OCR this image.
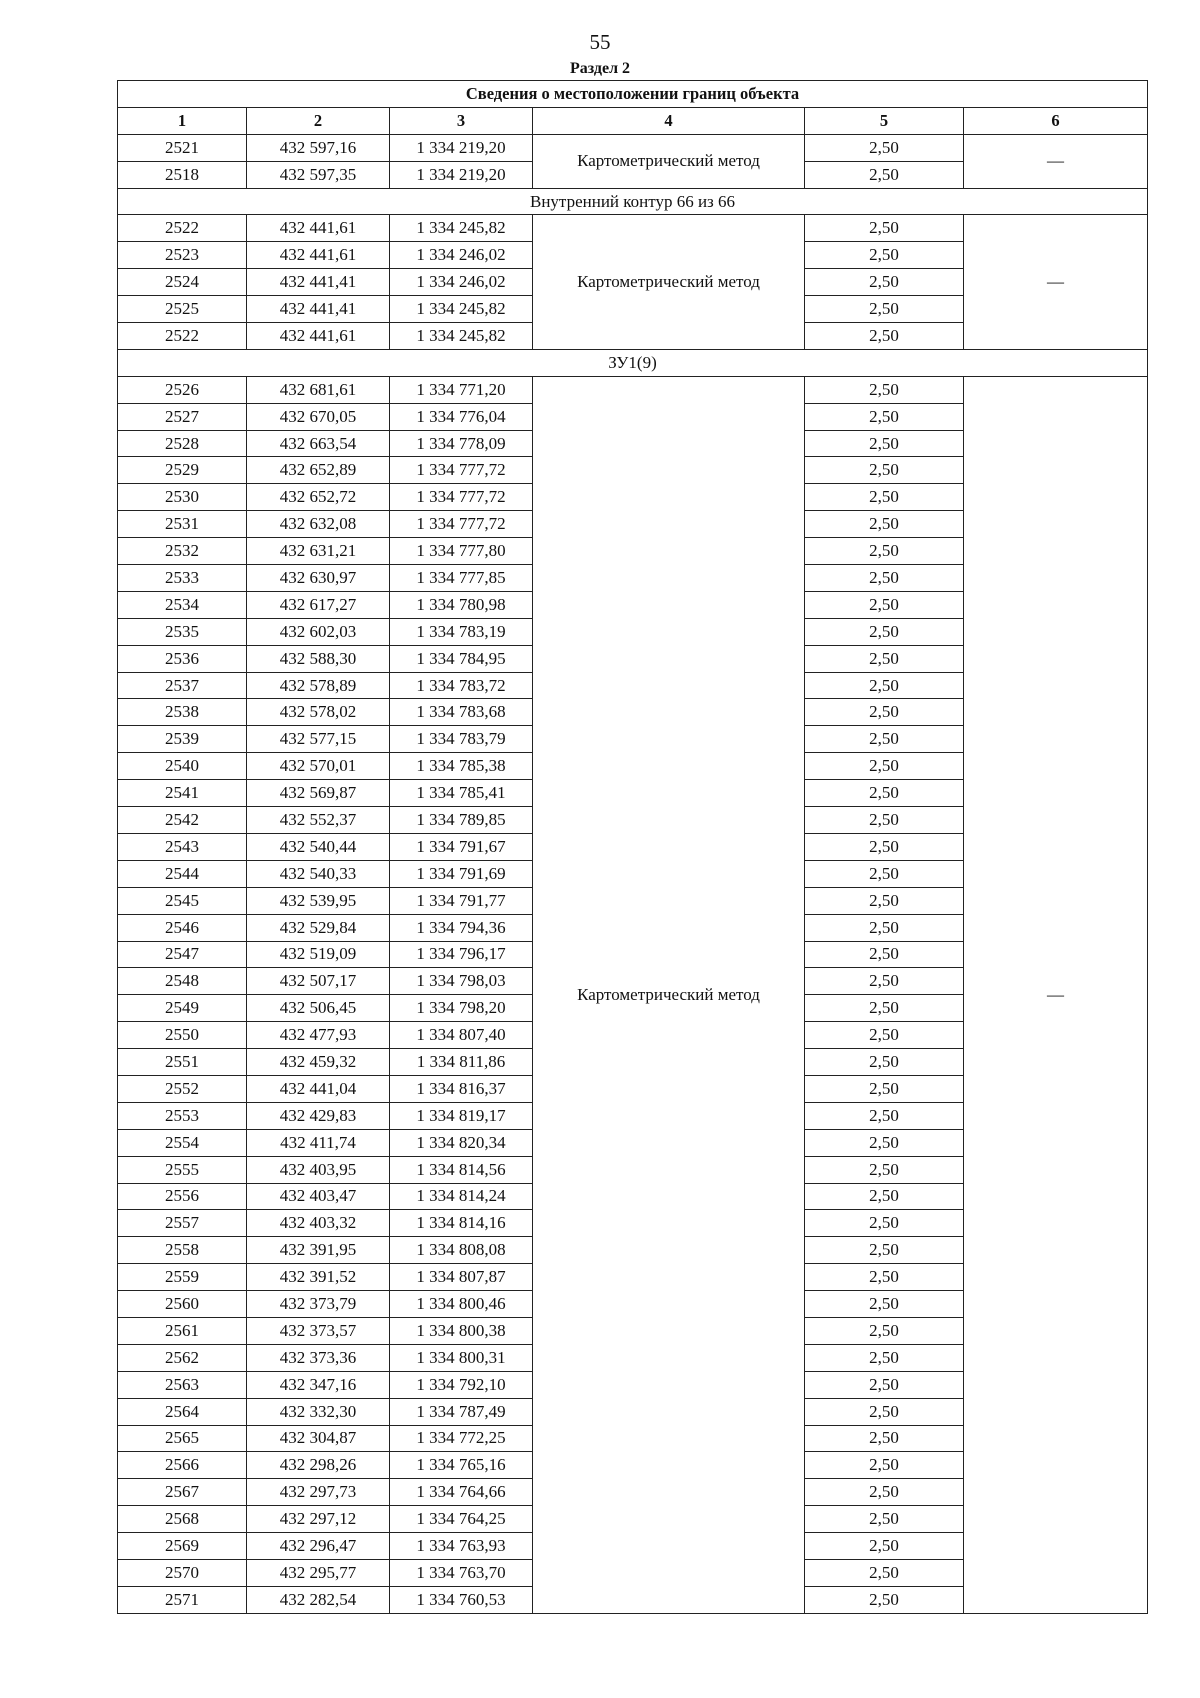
55
Раздел 2
Сведения о местоположении границ объекта					
1	2	3	4	5	6
2521	432 597,16	1 334 219,20	Картометрический метод	2,50	—
2518	432 597,35	1 334 219,20		2,50	
Внутренний контур 66 из 66					
2522	432 441,61	1 334 245,82	Картометрический метод	2,50	—
2523	432 441,61	1 334 246,02		2,50	
2524	432 441,41	1 334 246,02		2,50	
2525	432 441,41	1 334 245,82		2,50	
2522	432 441,61	1 334 245,82		2,50	
ЗУ1(9)					
2526	432 681,61	1 334 771,20	Картометрический метод	2,50	—
2527	432 670,05	1 334 776,04		2,50	
2528	432 663,54	1 334 778,09		2,50	
2529	432 652,89	1 334 777,72		2,50	
2530	432 652,72	1 334 777,72		2,50	
2531	432 632,08	1 334 777,72		2,50	
2532	432 631,21	1 334 777,80		2,50	
2533	432 630,97	1 334 777,85		2,50	
2534	432 617,27	1 334 780,98		2,50	
2535	432 602,03	1 334 783,19		2,50	
2536	432 588,30	1 334 784,95		2,50	
2537	432 578,89	1 334 783,72		2,50	
2538	432 578,02	1 334 783,68		2,50	
2539	432 577,15	1 334 783,79		2,50	
2540	432 570,01	1 334 785,38		2,50	
2541	432 569,87	1 334 785,41		2,50	
2542	432 552,37	1 334 789,85		2,50	
2543	432 540,44	1 334 791,67		2,50	
2544	432 540,33	1 334 791,69		2,50	
2545	432 539,95	1 334 791,77		2,50	
2546	432 529,84	1 334 794,36		2,50	
2547	432 519,09	1 334 796,17		2,50	
2548	432 507,17	1 334 798,03		2,50	
2549	432 506,45	1 334 798,20		2,50	
2550	432 477,93	1 334 807,40		2,50	
2551	432 459,32	1 334 811,86		2,50	
2552	432 441,04	1 334 816,37		2,50	
2553	432 429,83	1 334 819,17		2,50	
2554	432 411,74	1 334 820,34		2,50	
2555	432 403,95	1 334 814,56		2,50	
2556	432 403,47	1 334 814,24		2,50	
2557	432 403,32	1 334 814,16		2,50	
2558	432 391,95	1 334 808,08		2,50	
2559	432 391,52	1 334 807,87		2,50	
2560	432 373,79	1 334 800,46		2,50	
2561	432 373,57	1 334 800,38		2,50	
2562	432 373,36	1 334 800,31		2,50	
2563	432 347,16	1 334 792,10		2,50	
2564	432 332,30	1 334 787,49		2,50	
2565	432 304,87	1 334 772,25		2,50	
2566	432 298,26	1 334 765,16		2,50	
2567	432 297,73	1 334 764,66		2,50	
2568	432 297,12	1 334 764,25		2,50	
2569	432 296,47	1 334 763,93		2,50	
2570	432 295,77	1 334 763,70		2,50	
2571	432 282,54	1 334 760,53		2,50	
